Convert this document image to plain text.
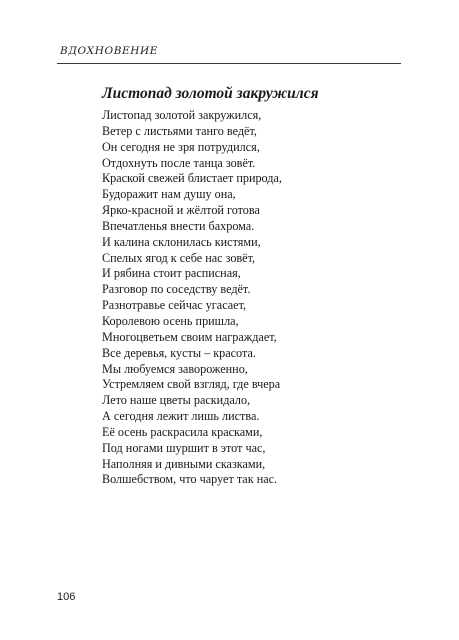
ВДОХНОВЕНИЕ
Листопад золотой закружился
Листопад золотой закружился,
Ветер с листьями танго ведёт,
Он сегодня не зря потрудился,
Отдохнуть после танца зовёт.
Краской свежей блистает природа,
Будоражит нам душу она,
Ярко-красной и жёлтой готова
Впечатленья внести бахрома.
И калина склонилась кистями,
Спелых ягод к себе нас зовёт,
И рябина стоит расписная,
Разговор по соседству ведёт.
Разнотравье сейчас угасает,
Королевою осень пришла,
Многоцветьем своим награждает,
Все деревья, кусты – красота.
Мы любуемся завороженно,
Устремляем свой взгляд, где вчера
Лето наше цветы раскидало,
А сегодня лежит лишь листва.
Её осень раскрасила красками,
Под ногами шуршит в этот час,
Наполняя и дивными сказками,
Волшебством, что чарует так нас.
106
